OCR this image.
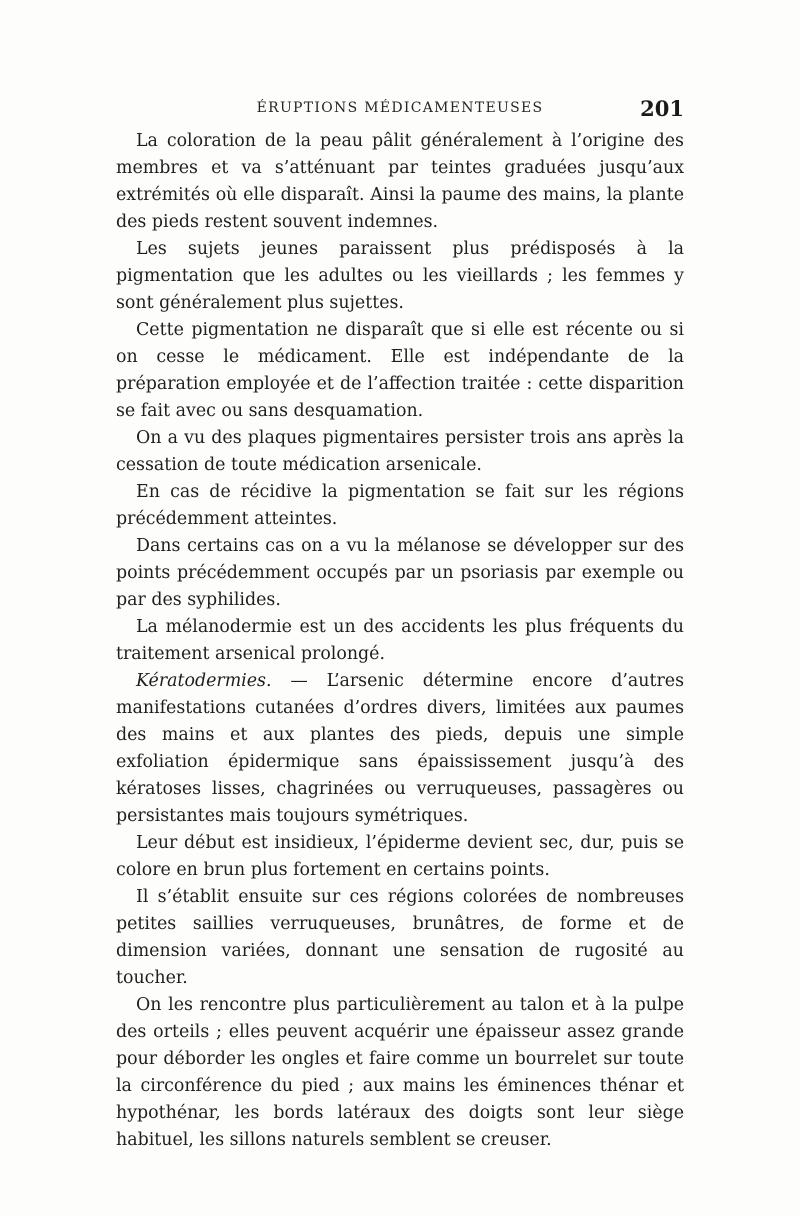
ÉRUPTIONS MÉDICAMENTEUSES	201

La coloration de la peau pâlit généralement à l’origine des membres et va s’atténuant par teintes graduées jusqu’aux extrémités où elle disparaît. Ainsi la paume des mains, la plante des pieds restent souvent indemnes.

Les sujets jeunes paraissent plus prédisposés à la pigmentation que les adultes ou les vieillards ; les femmes y sont généralement plus sujettes.

Cette pigmentation ne disparaît que si elle est récente ou si on cesse le médicament. Elle est indépendante de la préparation employée et de l’affection traitée : cette disparition se fait avec ou sans desquamation.

On a vu des plaques pigmentaires persister trois ans après la cessation de toute médication arsenicale.

En cas de récidive la pigmentation se fait sur les régions précédemment atteintes.

Dans certains cas on a vu la mélanose se développer sur des points précédemment occupés par un psoriasis par exemple ou par des syphilides.

La mélanodermie est un des accidents les plus fréquents du traitement arsenical prolongé.

Kératodermies. — L’arsenic détermine encore d’autres manifestations cutanées d’ordres divers, limitées aux paumes des mains et aux plantes des pieds, depuis une simple exfoliation épidermique sans épaississement jusqu’à des kératoses lisses, chagrinées ou verruqueuses, passagères ou persistantes mais toujours symétriques.

Leur début est insidieux, l’épiderme devient sec, dur, puis se colore en brun plus fortement en certains points.

Il s’établit ensuite sur ces régions colorées de nombreuses petites saillies verruqueuses, brunâtres, de forme et de dimension variées, donnant une sensation de rugosité au toucher.

On les rencontre plus particulièrement au talon et à la pulpe des orteils ; elles peuvent acquérir une épaisseur assez grande pour déborder les ongles et faire comme un bourrelet sur toute la circonférence du pied ; aux mains les éminences thénar et hypothénar, les bords latéraux des doigts sont leur siège habituel, les sillons naturels semblent se creuser.
